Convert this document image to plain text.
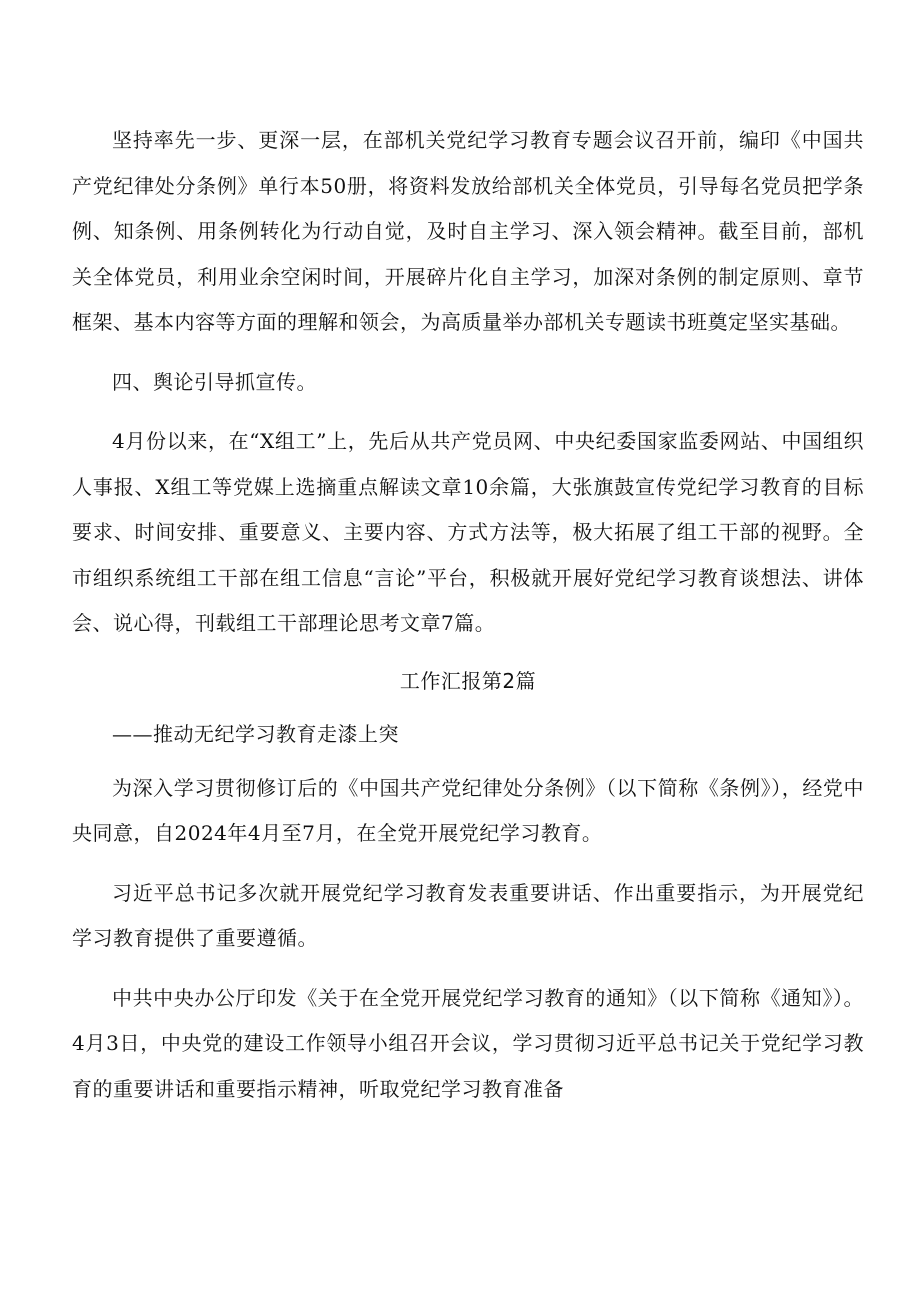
坚持率先一步、更深一层，在部机关党纪学习教育专题会议召开前，编印《中国共产党纪律处分条例》单行本50册，将资料发放给部机关全体党员，引导每名党员把学条例、知条例、用条例转化为行动自觉，及时自主学习、深入领会精神。截至目前，部机关全体党员，利用业余空闲时间，开展碎片化自主学习，加深对条例的制定原则、章节框架、基本内容等方面的理解和领会，为高质量举办部机关专题读书班奠定坚实基础。

四、舆论引导抓宣传。

4月份以来，在“X组工”上，先后从共产党员网、中央纪委国家监委网站、中国组织人事报、X组工等党媒上选摘重点解读文章10余篇，大张旗鼓宣传党纪学习教育的目标要求、时间安排、重要意义、主要内容、方式方法等，极大拓展了组工干部的视野。全市组织系统组工干部在组工信息“言论”平台，积极就开展好党纪学习教育谈想法、讲体会、说心得，刊载组工干部理论思考文章7篇。

工作汇报第2篇

——推动无纪学习教育走漆上突

为深入学习贯彻修订后的《中国共产党纪律处分条例》（以下简称《条例》），经党中央同意，自2024年4月至7月，在全党开展党纪学习教育。

习近平总书记多次就开展党纪学习教育发表重要讲话、作出重要指示，为开展党纪学习教育提供了重要遵循。

中共中央办公厅印发《关于在全党开展党纪学习教育的通知》（以下简称《通知》）。4月3日，中央党的建设工作领导小组召开会议，学习贯彻习近平总书记关于党纪学习教育的重要讲话和重要指示精神，听取党纪学习教育准备
